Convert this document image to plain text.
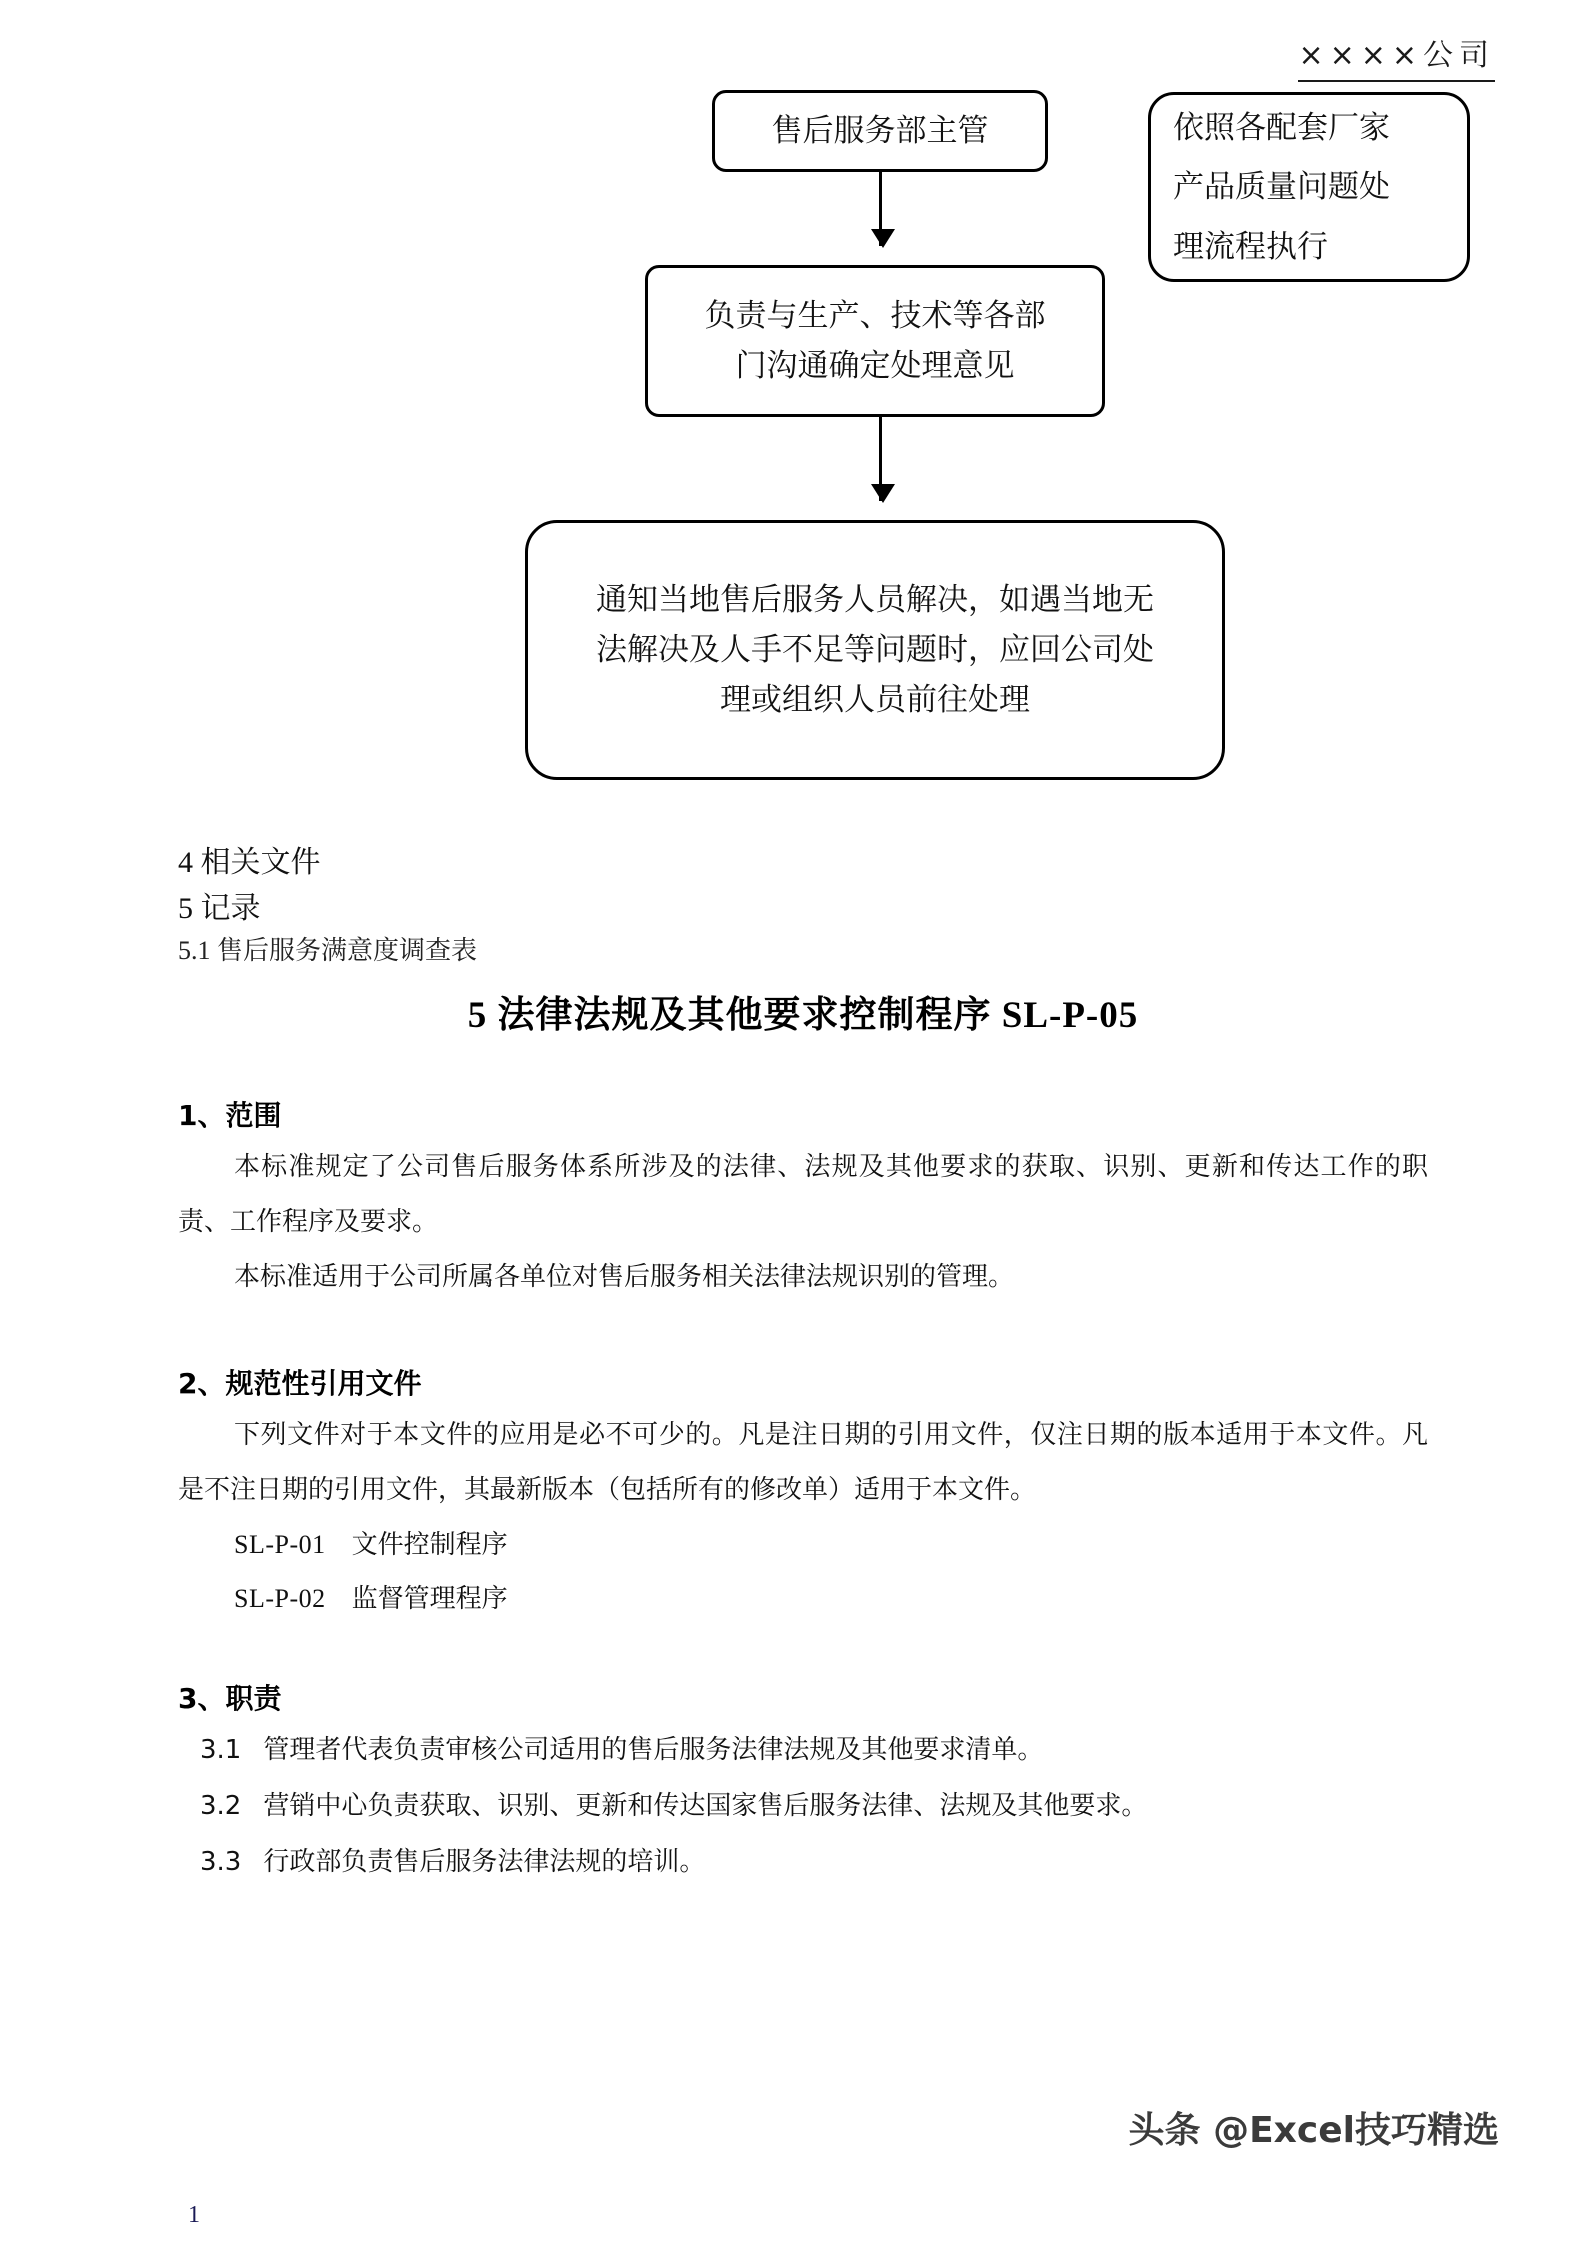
××××公司
售后服务部主管
负责与生产、技术等各部
门沟通确定处理意见
通知当地售后服务人员解决，如遇当地无
法解决及人手不足等问题时，应回公司处
理或组织人员前往处理
依照各配套厂家
产品质量问题处
理流程执行
4 相关文件
5 记录
5.1 售后服务满意度调查表
5 法律法规及其他要求控制程序 SL-P-05
1、范围
本标准规定了公司售后服务体系所涉及的法律、法规及其他要求的获取、识别、更新和传达工作的职责、工作程序及要求。
本标准适用于公司所属各单位对售后服务相关法律法规识别的管理。
2、规范性引用文件
下列文件对于本文件的应用是必不可少的。凡是注日期的引用文件，仅注日期的版本适用于本文件。凡是不注日期的引用文件，其最新版本（包括所有的修改单）适用于本文件。
SL-P-01 文件控制程序
SL-P-02 监督管理程序
3、职责
3.1 管理者代表负责审核公司适用的售后服务法律法规及其他要求清单。
3.2 营销中心负责获取、识别、更新和传达国家售后服务法律、法规及其他要求。
3.3 行政部负责售后服务法律法规的培训。
头条 @Excel技巧精选
1
